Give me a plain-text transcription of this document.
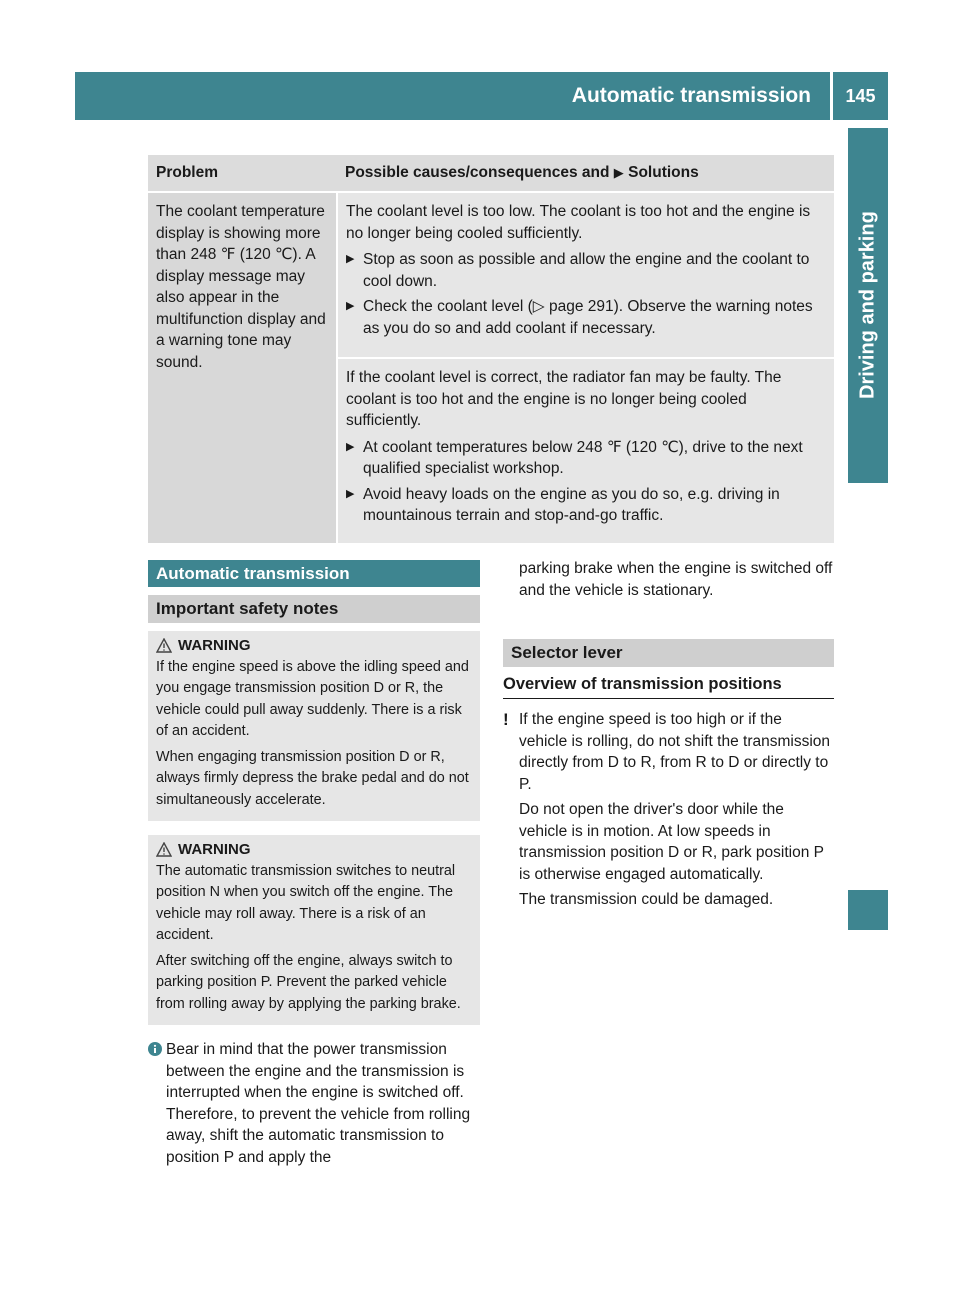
Automatic transmission	145
Driving and parking
Problem	Possible causes/consequences and ▶ Solutions
The coolant temperature display is showing more than 248 ℉ (120 ℃). A display message may also appear in the multifunction display and a warning tone may sound.	The coolant level is too low. The coolant is too hot and the engine is no longer being cooled sufficiently.

▶ Stop as soon as possible and allow the engine and the coolant to cool down.
▶ Check the coolant level (▷ page 291). Observe the warning notes as you do so and add coolant if necessary.

	If the coolant level is correct, the radiator fan may be faulty. The coolant is too hot and the engine is no longer being cooled sufficiently.

▶ At coolant temperatures below 248 ℉ (120 ℃), drive to the next qualified specialist workshop.
▶ Avoid heavy loads on the engine as you do so, e.g. driving in mountainous terrain and stop-and-go traffic.
Automatic transmission
Important safety notes
WARNING

If the engine speed is above the idling speed and you engage transmission position D or R, the vehicle could pull away suddenly. There is a risk of an accident.

When engaging transmission position D or R, always firmly depress the brake pedal and do not simultaneously accelerate.

WARNING

The automatic transmission switches to neutral position N when you switch off the engine. The vehicle may roll away. There is a risk of an accident.

After switching off the engine, always switch to parking position P. Prevent the parked vehicle from rolling away by applying the parking brake.

Bear in mind that the power transmission between the engine and the transmission is interrupted when the engine is switched off. Therefore, to prevent the vehicle from rolling away, shift the automatic transmission to position P and apply the

parking brake when the engine is switched off and the vehicle is stationary.

Selector lever
Overview of transmission positions
! If the engine speed is too high or if the vehicle is rolling, do not shift the transmission directly from D to R, from R to D or directly to P.

Do not open the driver's door while the vehicle is in motion. At low speeds in transmission position D or R, park position P is otherwise engaged automatically.

The transmission could be damaged.
